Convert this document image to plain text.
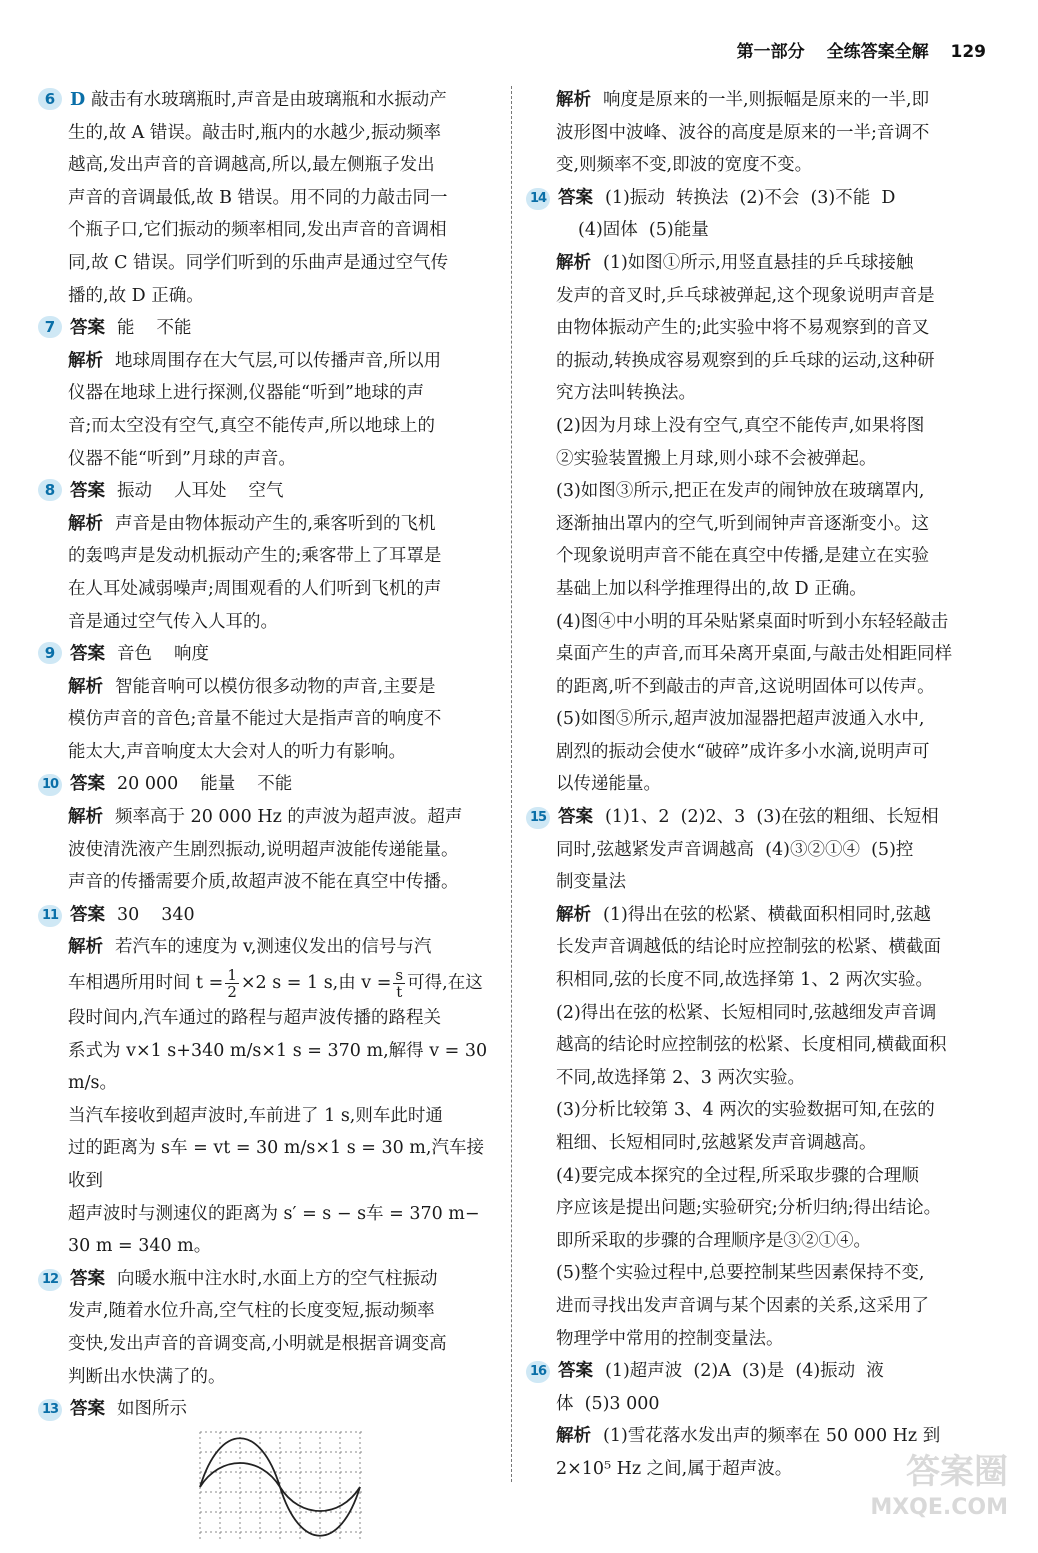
第一部分 全练答案全解 129
6 D 敲击有水玻璃瓶时,声音是由玻璃瓶和水振动产
生的,故 A 错误。敲击时,瓶内的水越少,振动频率
越高,发出声音的音调越高,所以,最左侧瓶子发出
声音的音调最低,故 B 错误。用不同的力敲击同一
个瓶子口,它们振动的频率相同,发出声音的音调相
同,故 C 错误。同学们听到的乐曲声是通过空气传
播的,故 D 正确。
7 答案 能 不能
解析 地球周围存在大气层,可以传播声音,所以用
仪器在地球上进行探测,仪器能“听到”地球的声
音;而太空没有空气,真空不能传声,所以地球上的
仪器不能“听到”月球的声音。
8 答案 振动 人耳处 空气
解析 声音是由物体振动产生的,乘客听到的飞机
的轰鸣声是发动机振动产生的;乘客带上了耳罩是
在人耳处减弱噪声;周围观看的人们听到飞机的声
音是通过空气传入人耳的。
9 答案 音色 响度
解析 智能音响可以模仿很多动物的声音,主要是
模仿声音的音色;音量不能过大是指声音的响度不
能太大,声音响度太大会对人的听力有影响。
10 答案 20 000 能量 不能
解析 频率高于 20 000 Hz 的声波为超声波。超声
波使清洗液产生剧烈振动,说明超声波能传递能量。
声音的传播需要介质,故超声波不能在真空中传播。
11 答案 30 340
解析 若汽车的速度为 v,测速仪发出的信号与汽
车相遇所用时间 $t = \frac{1}{2} \times 2$ s = 1 s,由 $v = \frac{s}{t}$ 可得,在这
段时间内,汽车通过的路程与超声波传播的路程关
系式为 v×1 s+340 m/s×1 s = 370 m,解得 v = 30 m/s。
当汽车接收到超声波时,车前进了 1 s,则车此时通
过的距离为 s车 = vt = 30 m/s×1 s = 30 m,汽车接收到
超声波时与测速仪的距离为 s′ = s − s车 = 370 m−
30 m = 340 m。
12 答案 向暖水瓶中注水时,水面上方的空气柱振动
发声,随着水位升高,空气柱的长度变短,振动频率
变快,发出声音的音调变高,小明就是根据音调变高
判断出水快满了的。
13 答案 如图所示
解析 响度是原来的一半,则振幅是原来的一半,即
波形图中波峰、波谷的高度是原来的一半;音调不
变,则频率不变,即波的宽度不变。
14 答案 (1)振动  转换法  (2)不会  (3)不能  D
(4)固体  (5)能量
解析 (1)如图①所示,用竖直悬挂的乒乓球接触
发声的音叉时,乒乓球被弹起,这个现象说明声音是
由物体振动产生的;此实验中将不易观察到的音叉
的振动,转换成容易观察到的乒乓球的运动,这种研
究方法叫转换法。
(2)因为月球上没有空气,真空不能传声,如果将图
②实验装置搬上月球,则小球不会被弹起。
(3)如图③所示,把正在发声的闹钟放在玻璃罩内,
逐渐抽出罩内的空气,听到闹钟声音逐渐变小。这
个现象说明声音不能在真空中传播,是建立在实验
基础上加以科学推理得出的,故 D 正确。
(4)图④中小明的耳朵贴紧桌面时听到小东轻轻敲击
桌面产生的声音,而耳朵离开桌面,与敲击处相距同样
的距离,听不到敲击的声音,这说明固体可以传声。
(5)如图⑤所示,超声波加湿器把超声波通入水中,
剧烈的振动会使水“破碎”成许多小水滴,说明声可
以传递能量。
15 答案 (1)1、2  (2)2、3  (3)在弦的粗细、长短相
同时,弦越紧发声音调越高  (4)③②①④  (5)控
制变量法
解析 (1)得出在弦的松紧、横截面积相同时,弦越
长发声音调越低的结论时应控制弦的松紧、横截面
积相同,弦的长度不同,故选择第 1、2 两次实验。
(2)得出在弦的松紧、长短相同时,弦越细发声音调
越高的结论时应控制弦的松紧、长度相同,横截面积
不同,故选择第 2、3 两次实验。
(3)分析比较第 3、4 两次的实验数据可知,在弦的
粗细、长短相同时,弦越紧发声音调越高。
(4)要完成本探究的全过程,所采取步骤的合理顺
序应该是提出问题;实验研究;分析归纳;得出结论。
即所采取的步骤的合理顺序是③②①④。
(5)整个实验过程中,总要控制某些因素保持不变,
进而寻找出发声音调与某个因素的关系,这采用了
物理学中常用的控制变量法。
16 答案 (1)超声波  (2)A  (3)是  (4)振动  液
体  (5)3 000
解析 (1)雪花落水发出声的频率在 50 000 Hz 到
2×10⁵ Hz 之间,属于超声波。	答案圈
MXQE.COM
